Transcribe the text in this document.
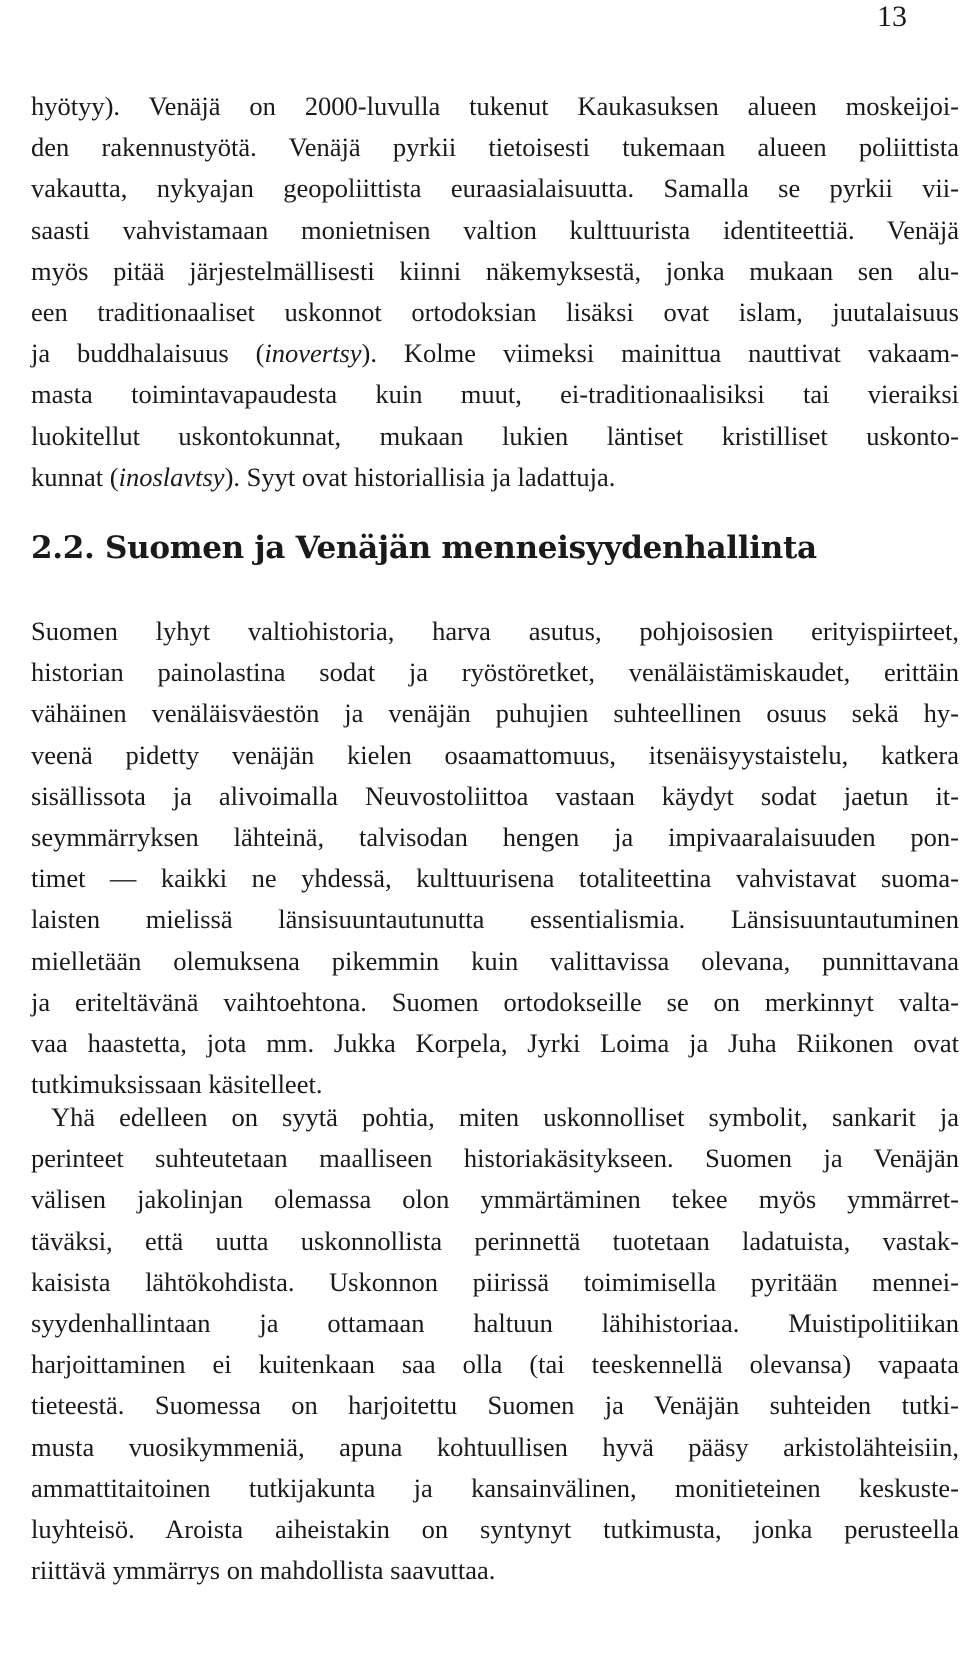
13
hyötyy). Venäjä on 2000-luvulla tukenut Kaukasuksen alueen moskeijoi-
den rakennustyötä. Venäjä pyrkii tietoisesti tukemaan alueen poliittista
vakautta, nykyajan geopoliittista euraasialaisuutta. Samalla se pyrkii vii-
saasti vahvistamaan monietnisen valtion kulttuurista identiteettiä. Venäjä
myös pitää järjestelmällisesti kiinni näkemyksestä, jonka mukaan sen alu-
een traditionaaliset uskonnot ortodoksian lisäksi ovat islam, juutalaisuus
ja buddhalaisuus (inovertsy). Kolme viimeksi mainittua nauttivat vakaam-
masta toimintavapaudesta kuin muut, ei-traditionaalisiksi tai vieraiksi
luokitellut uskontokunnat, mukaan lukien läntiset kristilliset uskonto-
kunnat (inoslavtsy). Syyt ovat historiallisia ja ladattuja.
2.2. Suomen ja Venäjän menneisyydenhallinta
Suomen lyhyt valtiohistoria, harva asutus, pohjoisosien erityispiirteet,
historian painolastina sodat ja ryöstöretket, venäläistämiskaudet, erittäin
vähäinen venäläisväestön ja venäjän puhujien suhteellinen osuus sekä hy-
veenä pidetty venäjän kielen osaamattomuus, itsenäisyystaistelu, katkera
sisällissota ja alivoimalla Neuvostoliittoa vastaan käydyt sodat jaetun it-
seymmärryksen lähteinä, talvisodan hengen ja impivaaralaisuuden pon-
timet — kaikki ne yhdessä, kulttuurisena totaliteettina vahvistavat suoma-
laisten mielissä länsisuuntautunutta essentialismia. Länsisuuntautuminen
mielletään olemuksena pikemmin kuin valittavissa olevana, punnittavana
ja eriteltävänä vaihtoehtona. Suomen ortodokseille se on merkinnyt valta-
vaa haastetta, jota mm. Jukka Korpela, Jyrki Loima ja Juha Riikonen ovat
tutkimuksissaan käsitelleet.
Yhä edelleen on syytä pohtia, miten uskonnolliset symbolit, sankarit ja
perinteet suhteutetaan maalliseen historiakäsitykseen. Suomen ja Venäjän
välisen jakolinjan olemassa olon ymmärtäminen tekee myös ymmärret-
täväksi, että uutta uskonnollista perinnettä tuotetaan ladatuista, vastak-
kaisista lähtökohdista. Uskonnon piirissä toimimisella pyritään mennei-
syydenhallintaan ja ottamaan haltuun lähihistoriaa. Muistipolitiikan
harjoittaminen ei kuitenkaan saa olla (tai teeskennellä olevansa) vapaata
tieteestä. Suomessa on harjoitettu Suomen ja Venäjän suhteiden tutki-
musta vuosikymmeniä, apuna kohtuullisen hyvä pääsy arkistolähteisiin,
ammattitaitoinen tutkijakunta ja kansainvälinen, monitieteinen keskuste-
luyhteisö. Aroista aiheistakin on syntynyt tutkimusta, jonka perusteella
riittävä ymmärrys on mahdollista saavuttaa.
